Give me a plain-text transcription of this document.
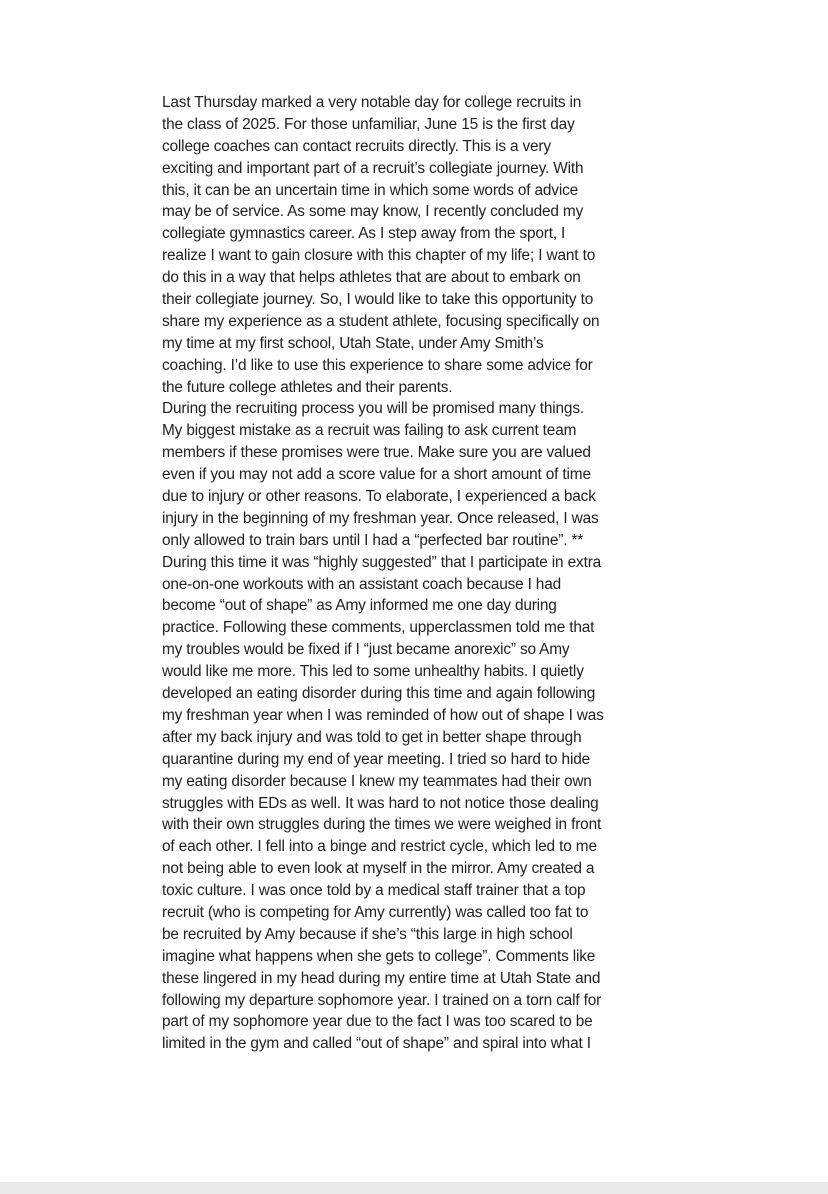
Last Thursday marked a very notable day for college recruits in
the class of 2025. For those unfamiliar, June 15 is the first day
college coaches can contact recruits directly. This is a very
exciting and important part of a recruit’s collegiate journey. With
this, it can be an uncertain time in which some words of advice
may be of service. As some may know, I recently concluded my
collegiate gymnastics career. As I step away from the sport, I
realize I want to gain closure with this chapter of my life; I want to
do this in a way that helps athletes that are about to embark on
their collegiate journey. So, I would like to take this opportunity to
share my experience as a student athlete, focusing specifically on
my time at my first school, Utah State, under Amy Smith’s
coaching. I’d like to use this experience to share some advice for
the future college athletes and their parents.
During the recruiting process you will be promised many things.
My biggest mistake as a recruit was failing to ask current team
members if these promises were true. Make sure you are valued
even if you may not add a score value for a short amount of time
due to injury or other reasons. To elaborate, I experienced a back
injury in the beginning of my freshman year. Once released, I was
only allowed to train bars until I had a “perfected bar routine”. **
During this time it was “highly suggested” that I participate in extra
one-on-one workouts with an assistant coach because I had
become “out of shape” as Amy informed me one day during
practice. Following these comments, upperclassmen told me that
my troubles would be fixed if I “just became anorexic” so Amy
would like me more. This led to some unhealthy habits. I quietly
developed an eating disorder during this time and again following
my freshman year when I was reminded of how out of shape I was
after my back injury and was told to get in better shape through
quarantine during my end of year meeting. I tried so hard to hide
my eating disorder because I knew my teammates had their own
struggles with EDs as well. It was hard to not notice those dealing
with their own struggles during the times we were weighed in front
of each other. I fell into a binge and restrict cycle, which led to me
not being able to even look at myself in the mirror. Amy created a
toxic culture. I was once told by a medical staff trainer that a top
recruit (who is competing for Amy currently) was called too fat to
be recruited by Amy because if she’s “this large in high school
imagine what happens when she gets to college”. Comments like
these lingered in my head during my entire time at Utah State and
following my departure sophomore year. I trained on a torn calf for
part of my sophomore year due to the fact I was too scared to be
limited in the gym and called “out of shape” and spiral into what I
